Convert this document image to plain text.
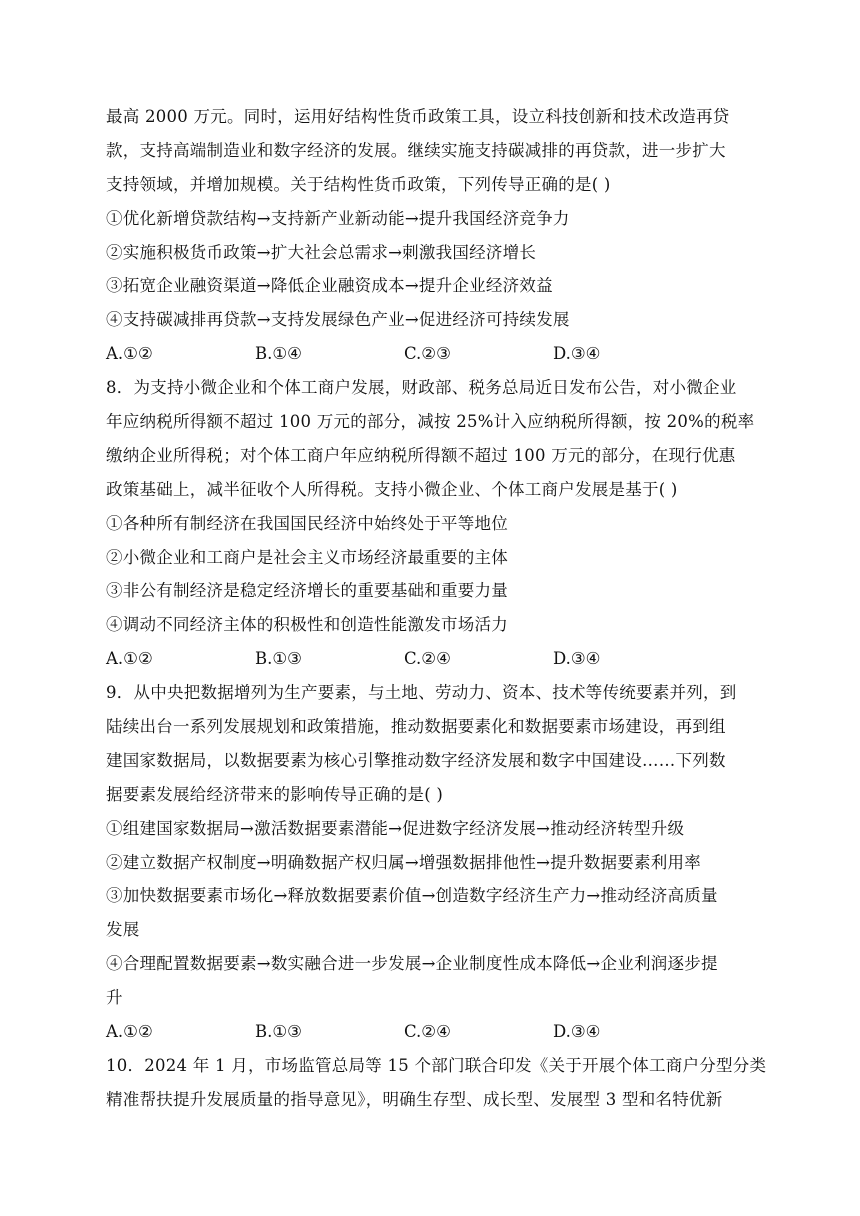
最高 2000 万元。同时，运用好结构性货币政策工具，设立科技创新和技术改造再贷
款，支持高端制造业和数字经济的发展。继续实施支持碳减排的再贷款，进一步扩大
支持领域，并增加规模。关于结构性货币政策，下列传导正确的是( )
①优化新增贷款结构→支持新产业新动能→提升我国经济竞争力
②实施积极货币政策→扩大社会总需求→刺激我国经济增长
③拓宽企业融资渠道→降低企业融资成本→提升企业经济效益
④支持碳减排再贷款→支持发展绿色产业→促进经济可持续发展
A.①②	B.①④	C.②③	D.③④
8．为支持小微企业和个体工商户发展，财政部、税务总局近日发布公告，对小微企业
年应纳税所得额不超过 100 万元的部分，减按 25%计入应纳税所得额，按 20%的税率
缴纳企业所得税；对个体工商户年应纳税所得额不超过 100 万元的部分，在现行优惠
政策基础上，减半征收个人所得税。支持小微企业、个体工商户发展是基于( )
①各种所有制经济在我国国民经济中始终处于平等地位
②小微企业和工商户是社会主义市场经济最重要的主体
③非公有制经济是稳定经济增长的重要基础和重要力量
④调动不同经济主体的积极性和创造性能激发市场活力
A.①②	B.①③	C.②④	D.③④
9．从中央把数据增列为生产要素，与土地、劳动力、资本、技术等传统要素并列，到
陆续出台一系列发展规划和政策措施，推动数据要素化和数据要素市场建设，再到组
建国家数据局，以数据要素为核心引擎推动数字经济发展和数字中国建设……下列数
据要素发展给经济带来的影响传导正确的是( )
①组建国家数据局→激活数据要素潜能→促进数字经济发展→推动经济转型升级
②建立数据产权制度→明确数据产权归属→增强数据排他性→提升数据要素利用率
③加快数据要素市场化→释放数据要素价值→创造数字经济生产力→推动经济高质量
发展
④合理配置数据要素→数实融合进一步发展→企业制度性成本降低→企业利润逐步提
升
A.①②	B.①③	C.②④	D.③④
10．2024 年 1 月，市场监管总局等 15 个部门联合印发《关于开展个体工商户分型分类
精准帮扶提升发展质量的指导意见》，明确生存型、成长型、发展型 3 型和名特优新
